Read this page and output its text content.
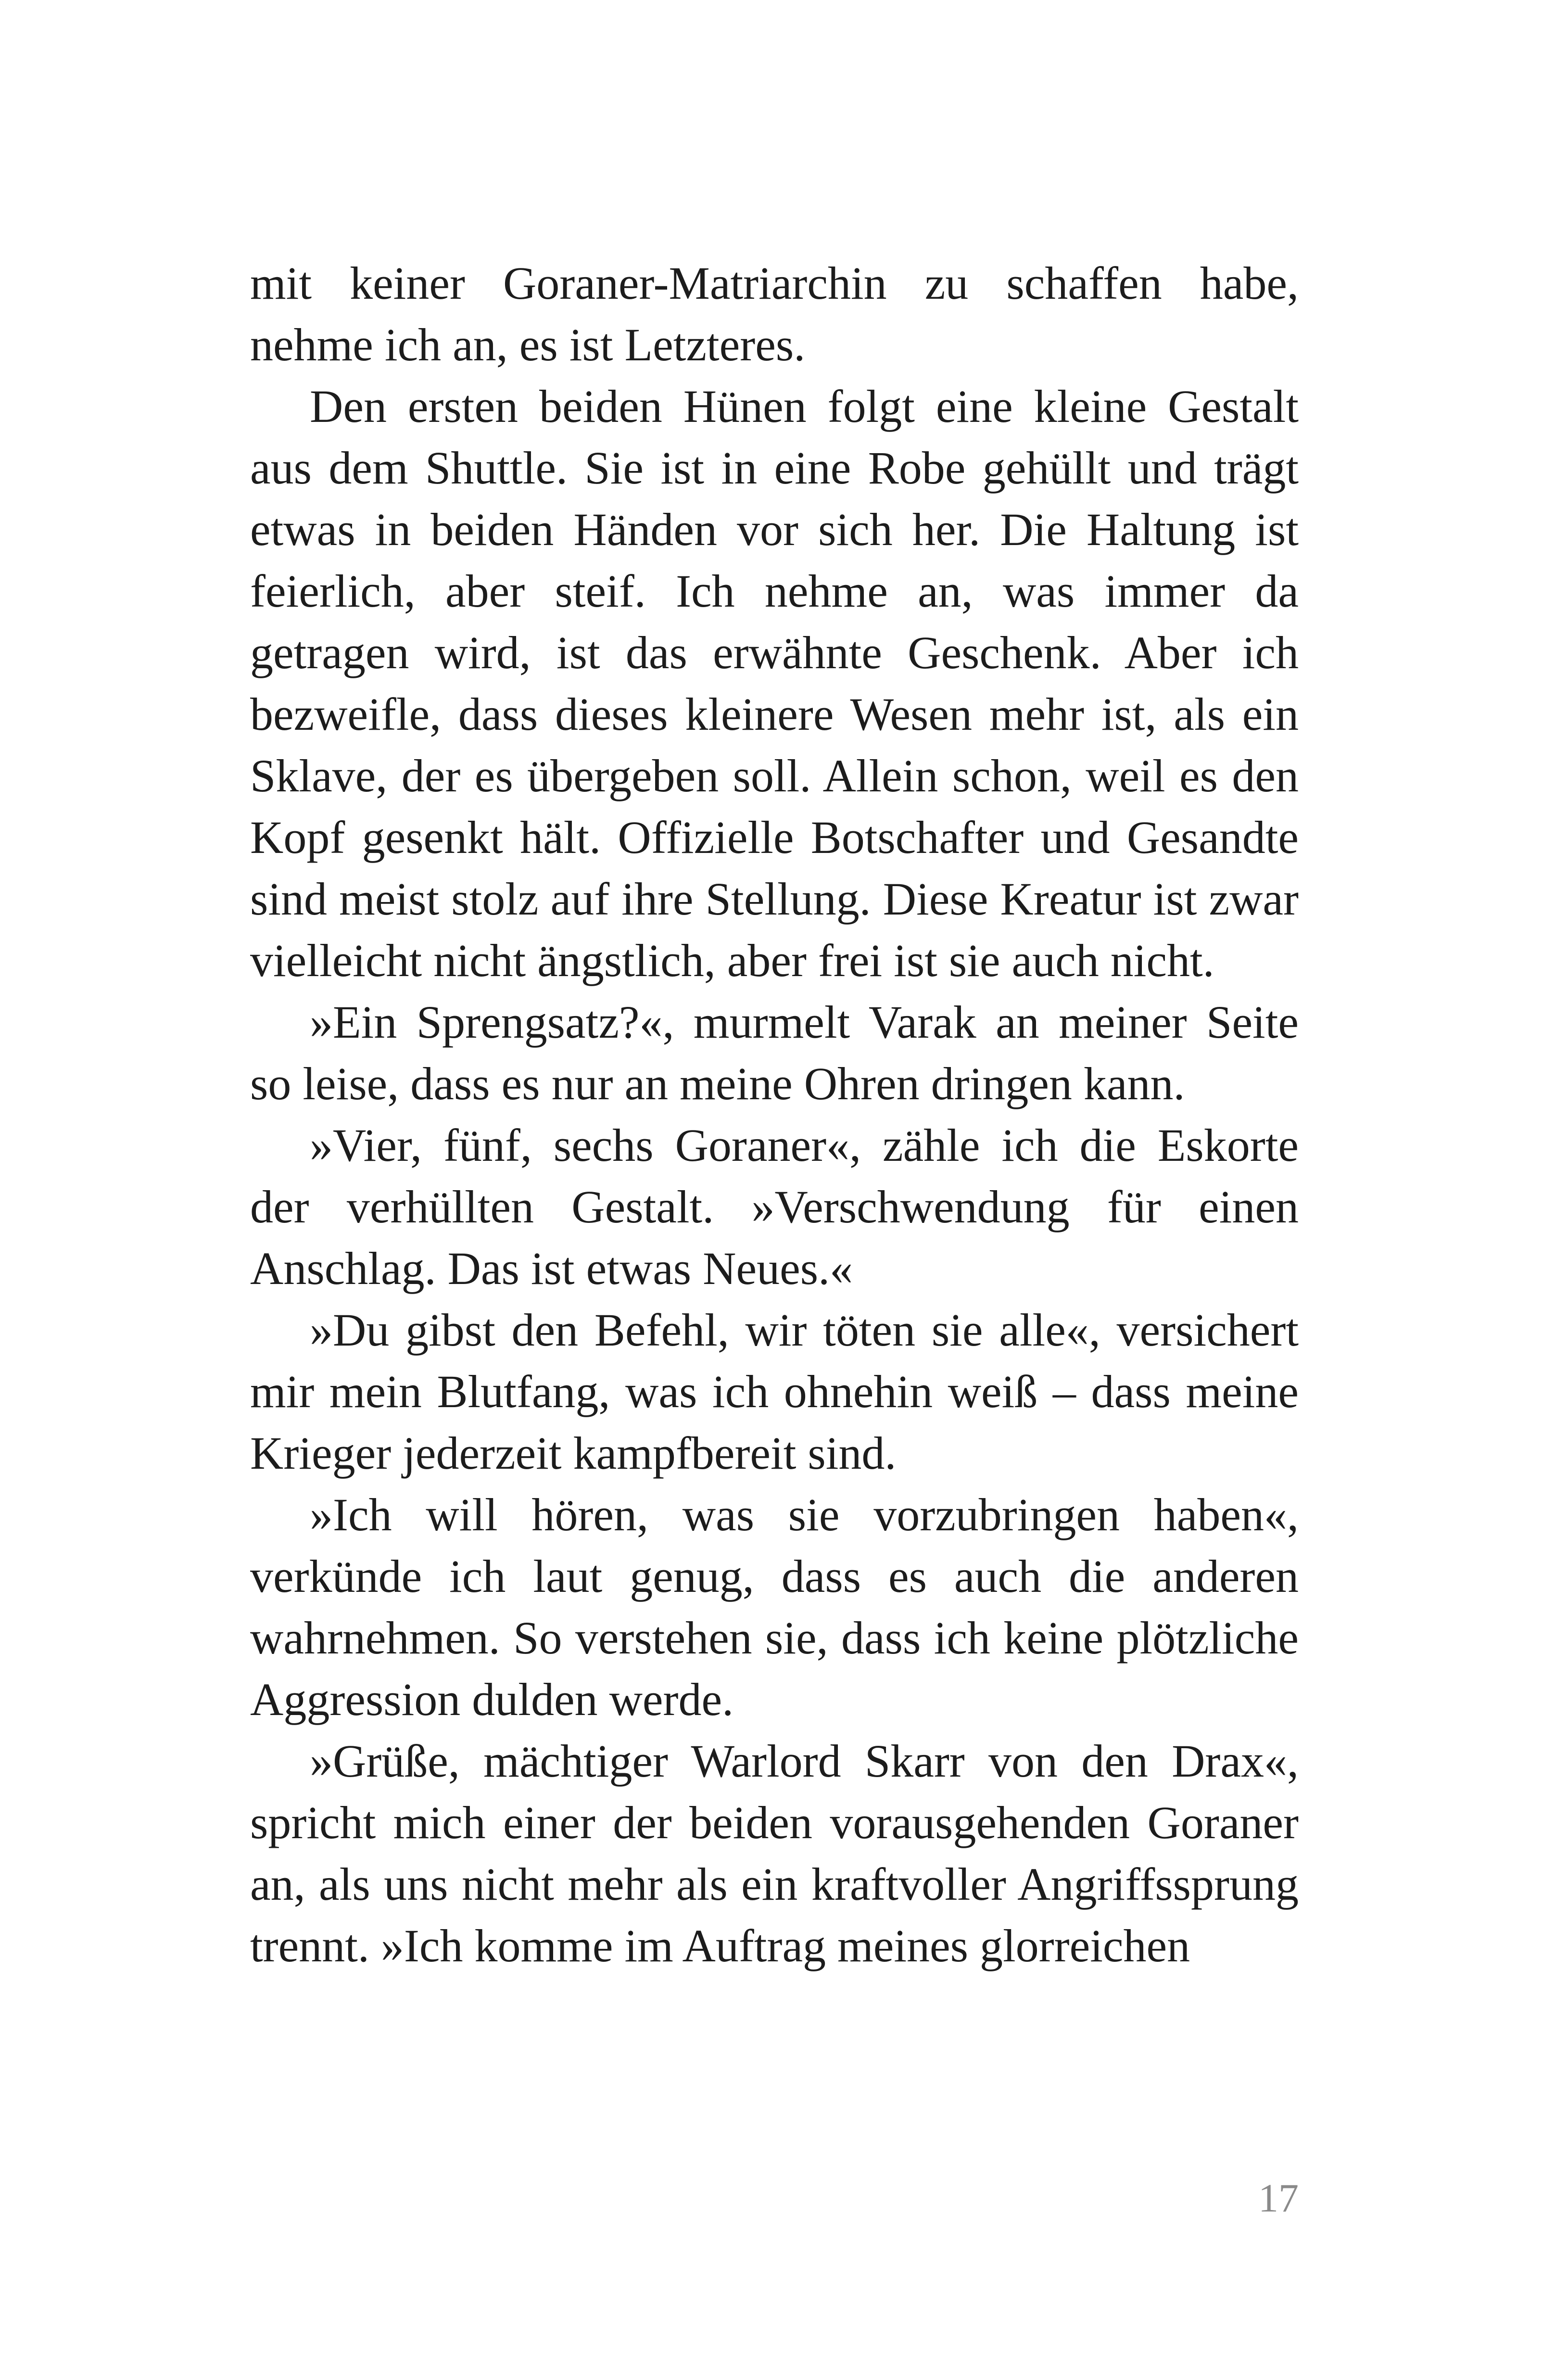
mit keiner Goraner-Matriarchin zu schaffen habe, nehme ich an, es ist Letzteres.

Den ersten beiden Hünen folgt eine kleine Gestalt aus dem Shuttle. Sie ist in eine Robe gehüllt und trägt etwas in beiden Händen vor sich her. Die Haltung ist feierlich, aber steif. Ich nehme an, was immer da getragen wird, ist das erwähnte Geschenk. Aber ich bezweifle, dass dieses kleinere Wesen mehr ist, als ein Sklave, der es übergeben soll. Allein schon, weil es den Kopf gesenkt hält. Offizielle Botschafter und Gesandte sind meist stolz auf ihre Stellung. Diese Kreatur ist zwar vielleicht nicht ängstlich, aber frei ist sie auch nicht.

»Ein Sprengsatz?«, murmelt Varak an meiner Seite so leise, dass es nur an meine Ohren dringen kann.

»Vier, fünf, sechs Goraner«, zähle ich die Eskorte der verhüllten Gestalt. »Verschwendung für einen Anschlag. Das ist etwas Neues.«

»Du gibst den Befehl, wir töten sie alle«, versichert mir mein Blutfang, was ich ohnehin weiß – dass meine Krieger jederzeit kampfbereit sind.

»Ich will hören, was sie vorzubringen haben«, verkünde ich laut genug, dass es auch die anderen wahrnehmen. So verstehen sie, dass ich keine plötzliche Aggression dulden werde.

»Grüße, mächtiger Warlord Skarr von den Drax«, spricht mich einer der beiden vorausgehenden Goraner an, als uns nicht mehr als ein kraftvoller Angriffssprung trennt. »Ich komme im Auftrag meines glorreichen

17
